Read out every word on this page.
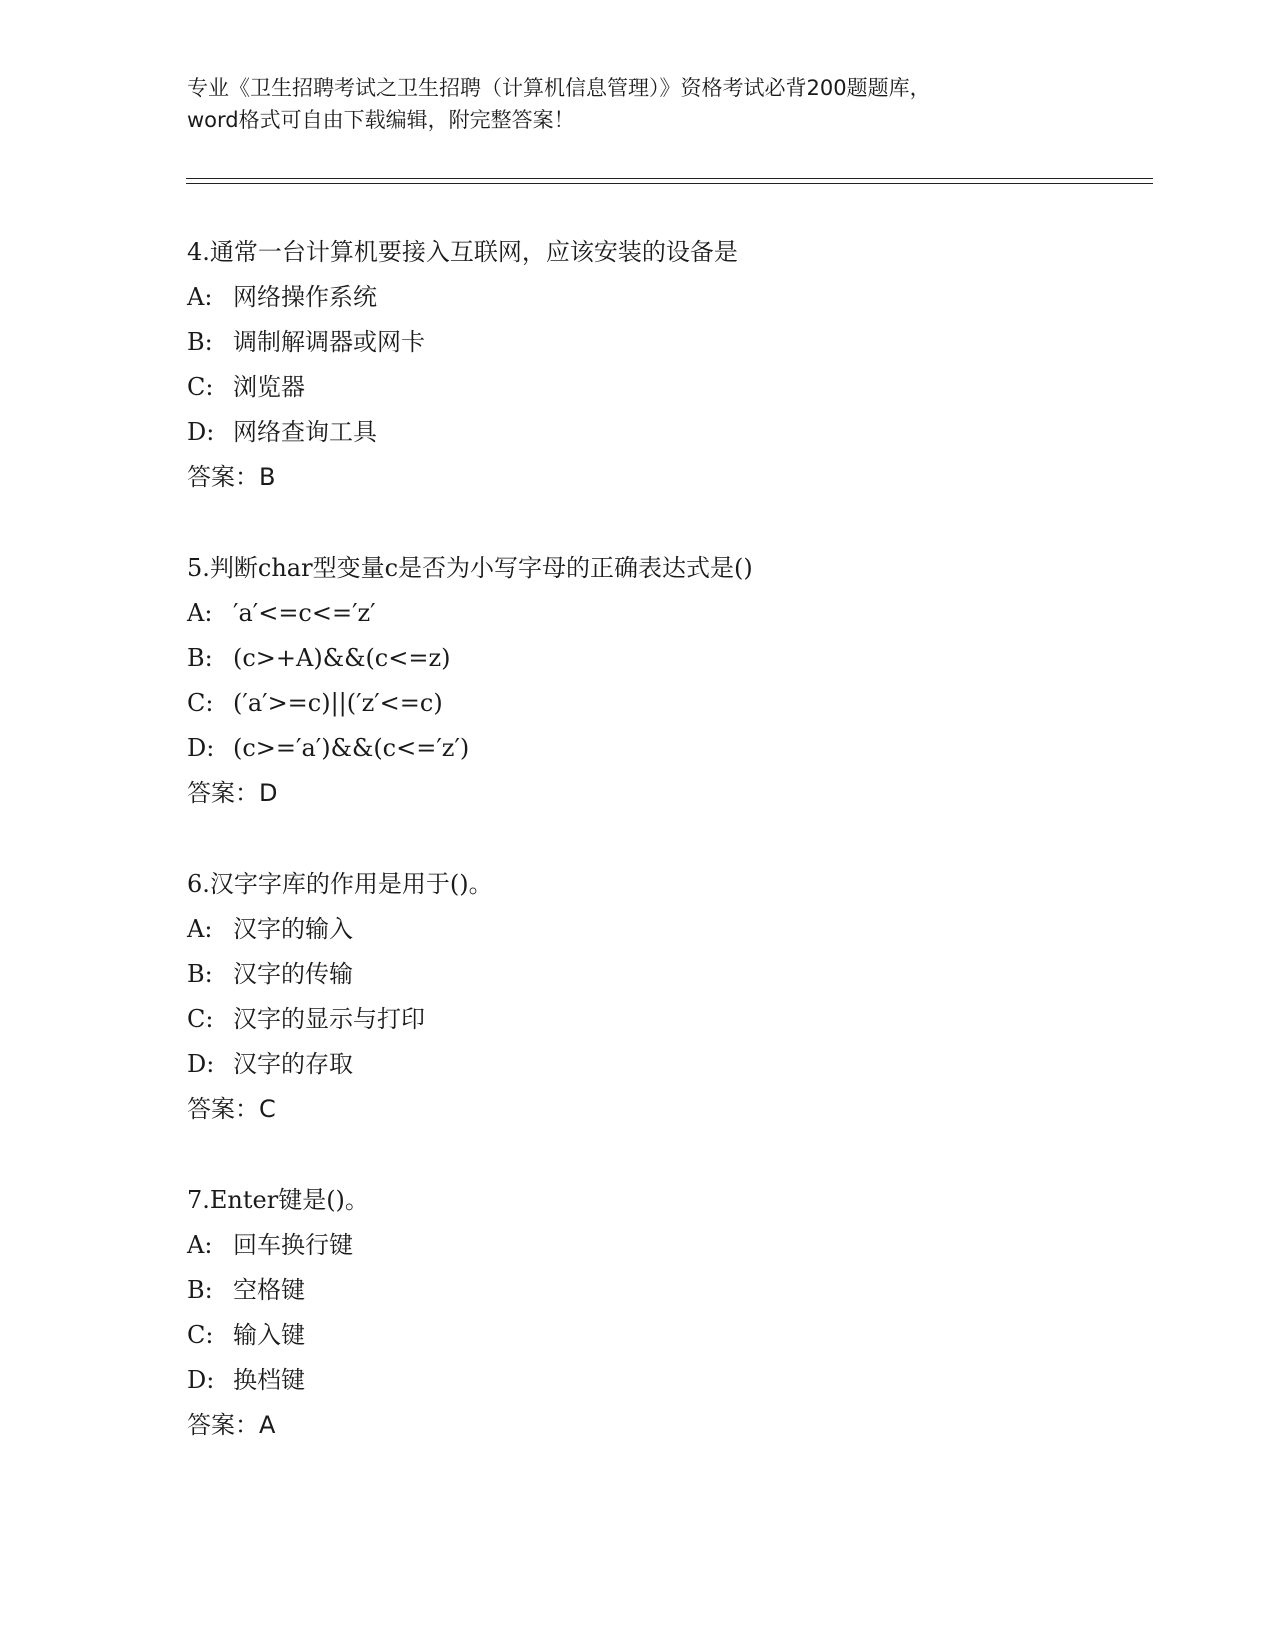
专业《卫生招聘考试之卫生招聘（计算机信息管理）》资格考试必背200题题库，
word格式可自由下载编辑，附完整答案！
4.通常一台计算机要接入互联网，应该安装的设备是
A: 网络操作系统
B: 调制解调器或网卡
C: 浏览器
D: 网络查询工具
答案：B
5.判断char型变量c是否为小写字母的正确表达式是()
A: ′a′<=c<=′z′
B: (c>+A)&&(c<=z)
C: (′a′>=c)||(′z′<=c)
D: (c>=′a′)&&(c<=′z′)
答案：D
6.汉字字库的作用是用于()。
A: 汉字的输入
B: 汉字的传输
C: 汉字的显示与打印
D: 汉字的存取
答案：C
7.Enter键是()。
A: 回车换行键
B: 空格键
C: 输入键
D: 换档键
答案：A
